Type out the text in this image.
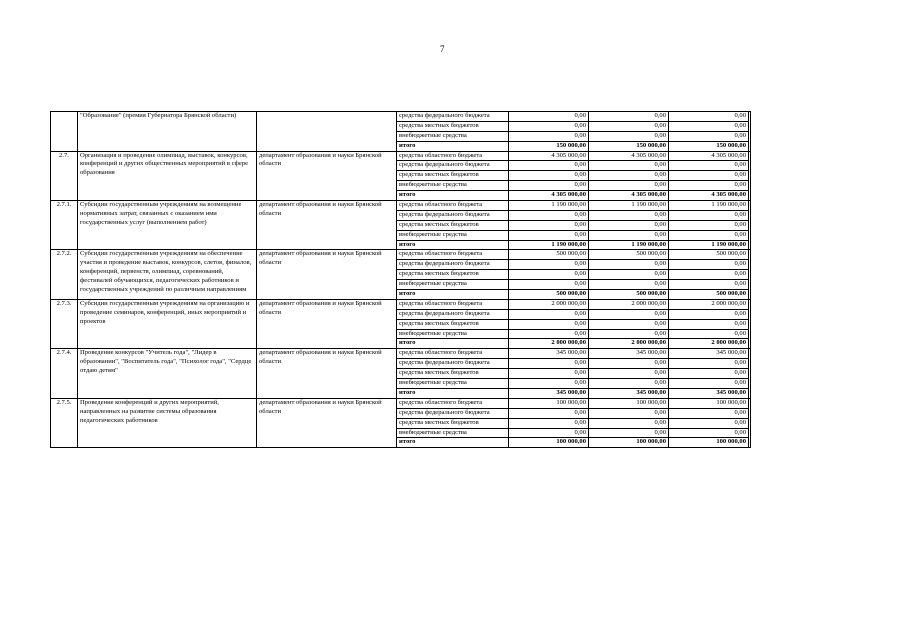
7
	"Образование" (премия Губернатора Брянской области)		средства федерального бюджета	0,00	0,00	0,00	
			средства местных бюджетов	0,00	0,00	0,00	
			внебюджетные средства	0,00	0,00	0,00	
			итого	150 000,00	150 000,00	150 000,00	
2.7.	Организация и проведение олимпиад, выставок, конкурсов, конференций и других общественных мероприятий в сфере образования	департамент образования и науки Брянской области	средства областного бюджета	4 305 000,00	4 305 000,00	4 305 000,00	
			средства федерального бюджета	0,00	0,00	0,00	
			средства местных бюджетов	0,00	0,00	0,00	
			внебюджетные средства	0,00	0,00	0,00	
			итого	4 305 000,00	4 305 000,00	4 305 000,00	
2.7.1.	Субсидии государственным учреждениям на возмещение нормативных затрат, связанных с оказанием ими государственных услуг (выполнением работ)	департамент образования и науки Брянской области	средства областного бюджета	1 190 000,00	1 190 000,00	1 190 000,00	
			средства федерального бюджета	0,00	0,00	0,00	
			средства местных бюджетов	0,00	0,00	0,00	
			внебюджетные средства	0,00	0,00	0,00	
			итого	1 190 000,00	1 190 000,00	1 190 000,00	
2.7.2.	Субсидии государственным учреждениям на обеспечение участия и проведение выставок, конкурсов, слетов, финалов, конференций, первенств, олимпиад, соревнований, фестивалей обучающихся, педагогических работников и государственных учреждений по различным направлениям	департамент образования и науки Брянской области	средства областного бюджета	500 000,00	500 000,00	500 000,00	
			средства федерального бюджета	0,00	0,00	0,00	
			средства местных бюджетов	0,00	0,00	0,00	
			внебюджетные средства	0,00	0,00	0,00	
			итого	500 000,00	500 000,00	500 000,00	
2.7.3.	Субсидии государственным учреждениям на организацию и проведение семинаров, конференций, иных мероприятий и проектов	департамент образования и науки Брянской области	средства областного бюджета	2 000 000,00	2 000 000,00	2 000 000,00	
			средства федерального бюджета	0,00	0,00	0,00	
			средства местных бюджетов	0,00	0,00	0,00	
			внебюджетные средства	0,00	0,00	0,00	
			итого	2 000 000,00	2 000 000,00	2 000 000,00	
2.7.4.	Проведение конкурсов "Учитель года", "Лидер в образовании", "Воспитатель года", "Психолог года", "Сердце отдаю детям"	департамент образования и науки Брянской области	средства областного бюджета	345 000,00	345 000,00	345 000,00	
			средства федерального бюджета	0,00	0,00	0,00	
			средства местных бюджетов	0,00	0,00	0,00	
			внебюджетные средства	0,00	0,00	0,00	
			итого	345 000,00	345 000,00	345 000,00	
2.7.5.	Проведение конференций и других мероприятий, направленных на развитие системы образования педагогических работников	департамент образования и науки Брянской области	средства областного бюджета	100 000,00	100 000,00	100 000,00	
			средства федерального бюджета	0,00	0,00	0,00	
			средства местных бюджетов	0,00	0,00	0,00	
			внебюджетные средства	0,00	0,00	0,00	
			итого	100 000,00	100 000,00	100 000,00	
